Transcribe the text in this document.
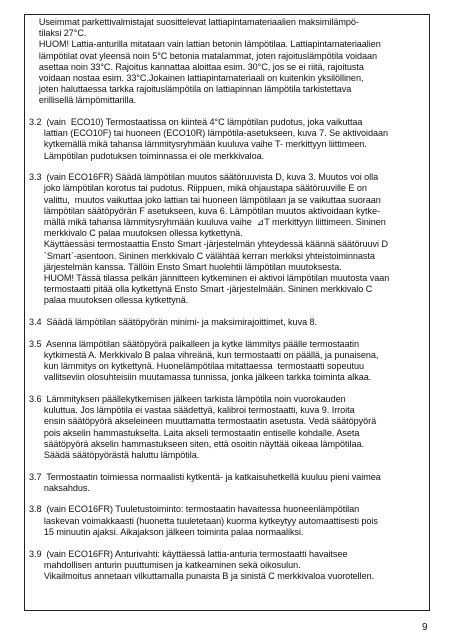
Useimmat parkettivalmistajat suosittelevat lattiapintamateriaalien maksimilämpö-
tilaksi 27°C.
HUOM! Lattia-anturilla mitataan vain lattian betonin lämpötilaa. Lattiapintamateriaalien
lämpötilat ovat yleensä noin 5°C betonia matalammat, joten rajoituslämpötila voidaan
asettaa noin 33°C. Rajoitus kannattaa aloittaa esim. 30°C, jos se ei riitä, rajoitusta
voidaan nostaa esim. 33°C.Jokainen lattiapintamateriaali on kuitenkin yksilöllinen,
joten haluttaessa tarkka rajoituslämpötila on lattiapinnan lämpötila tarkistettava
erillisellä lämpömittarilla.
3.2  (vain  ECO10) Termostaatissa on kiinteä 4°C lämpötilan pudotus, joka vaikuttaa
lattian (ECO10F) tai huoneen (ECO10R) lämpötila-asetukseen, kuva 7. Se aktivoidaan
kytkemällä mikä tahansa lämmitysryhmään kuuluva vaihe T- merkittyyn liittimeen.
Lämpötilan pudotuksen toiminnassa ei ole merkkivaloa.
3.3  (vain ECO16FR) Säädä lämpötilan muutos säätöruuvista D, kuva 3. Muutos voi olla
joko lämpötilan korotus tai pudotus. Riippuen, mikä ohjaustapa säätöruuville E on
valittu,  muutos vaikuttaa joko lattian tai huoneen lämpötilaan ja se vaikuttaa suoraan
lämpötilan säätöpyörän F asetukseen, kuva 6. Lämpötilan muutos aktivoidaan kytke-
mällä mikä tahansa lämmitysryhmään kuuluva vaihe  ⊿T merkittyyn liittimeen. Sininen
merkkivalo C palaa muutoksen ollessa kytkettynä.
Käyttäessäsi termostaattia Ensto Smart -järjestelmän yhteydessä käännä säätöruuvi D
`Smart`-asentoon. Sininen merkkivalo C välähtää kerran merkiksi yhteistoiminnasta
järjestelmän kanssa. Tällöin Ensto Smart huolehtii lämpötilan muutoksesta.
HUOM! Tässä tilassa pelkän jännitteen kytkeminen ei aktivoi lämpötilan muutosta vaan
termostaatti pitää olla kytkettynä Ensto Smart -järjestelmään. Sininen merkkivalo C
palaa muutoksen ollessa kytkettynä.
3.4  Säädä lämpötilan säätöpyörän minimi- ja maksimirajoittimet, kuva 8.
3.5  Asenna lämpötilan säätöpyörä paikalleen ja kytke lämmitys päälle termostaatin
kytkimestä A. Merkkivalo B palaa vihreänä, kun termostaatti on päällä, ja punaisena,
kun lämmitys on kytkettynä. Huonelämpötilaa mitattaessa  termostaatti sopeutuu
vallitseviin olosuhteisiin muutamassa tunnissa, jonka jälkeen tarkka toiminta alkaa.
3.6  Lämmityksen päällekytkemisen jälkeen tarkista lämpötila noin vuorokauden
kuluttua. Jos lämpötila ei vastaa säädettyä, kalibroi termostaatti, kuva 9. Irroita
ensin säätöpyörä akseleineen muuttamatta termostaatin asetusta. Vedä säätöpyörä
pois akselin hammastukselta. Laita akseli termostaatin entiselle kohdalle. Aseta
säätöpyörä akselin hammastukseen siten, että osoitin näyttää oikeaa lämpötilaa.
Säädä säätöpyörästä haluttu lämpötila.
3.7  Termostaatin toimiessa normaalisti kytkentä- ja katkaisuhetkellä kuuluu pieni vaimea
naksahdus.
3.8  (vain ECO16FR) Tuuletustoiminto: termostaatin havaitessa huoneenlämpötilan
laskevan voimakkaasti (huonetta tuuletetaan) kuorma kytkeytyy automaattisesti pois
15 minuutin ajaksi. Aikajakson jälkeen toiminta palaa normaaliksi.
3.9  (vain ECO16FR) Anturivahti: käyttäessä lattia-anturia termostaatti havaitsee
mahdollisen anturin puuttumisen ja katkeaminen sekä oikosulun.
Vikailmoitus annetaan vilkuttamalla punaista B ja sinistä C merkkivaloa vuorotellen.
9
